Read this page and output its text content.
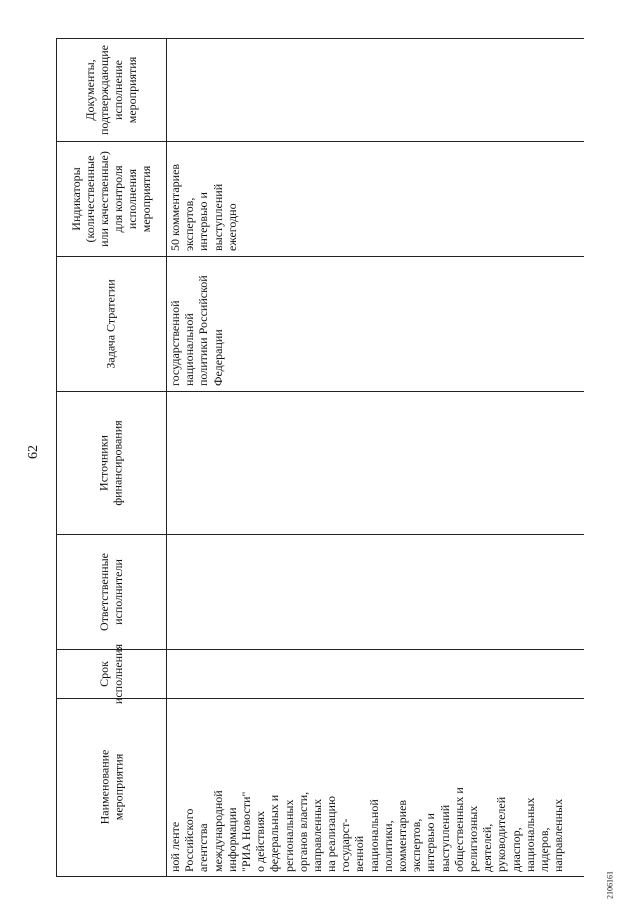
62
2106161
Документы,
подтверждающие
исполнение
мероприятия
Индикаторы
(количественные
или качественные)
для контроля
исполнения
мероприятия
Задача Стратегии
Источники
финансирования
Ответственные
исполнители
Срок
исполнения
Наименование
мероприятия
ной ленте Российского агентства международной информации "РИА Новости" о действиях федеральных и региональных органов власти, направленных на реализацию государст- венной национальной политики, комментариев экспертов, интервью и выступлений общественных и религиозных деятелей, руководителей диаспор, национальных лидеров, направленных
государственной национальной политики Российской Федерации
50 комментариев экспертов, интервью и выступлений ежегодно
